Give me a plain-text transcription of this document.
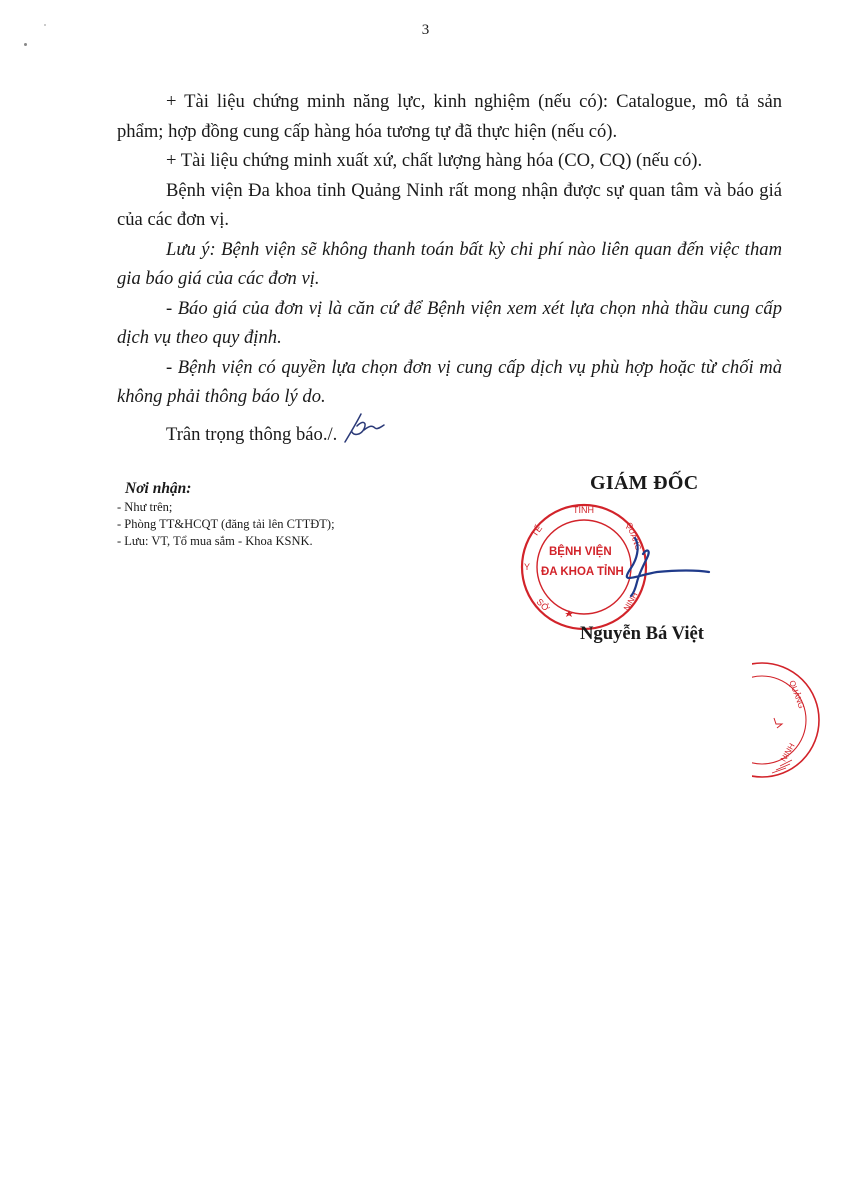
3

+ Tài liệu chứng minh năng lực, kinh nghiệm (nếu có): Catalogue, mô tả sản phẩm; hợp đồng cung cấp hàng hóa tương tự đã thực hiện (nếu có).

+ Tài liệu chứng minh xuất xứ, chất lượng hàng hóa (CO, CQ) (nếu có).

Bệnh viện Đa khoa tỉnh Quảng Ninh rất mong nhận được sự quan tâm và báo giá của các đơn vị.

Lưu ý: Bệnh viện sẽ không thanh toán bất kỳ chi phí nào liên quan đến việc tham gia báo giá của các đơn vị.

- Báo giá của đơn vị là căn cứ để Bệnh viện xem xét lựa chọn nhà thầu cung cấp dịch vụ theo quy định.

- Bệnh viện có quyền lựa chọn đơn vị cung cấp dịch vụ phù hợp hoặc từ chối mà không phải thông báo lý do.

Trân trọng thông báo./.

Nơi nhận:
- Như trên;
- Phòng TT&HCQT (đăng tải lên CTTĐT);
- Lưu: VT, Tổ mua sắm - Khoa KSNK.
GIÁM ĐỐC
TỈNH
TẾ
Y
SỞ
QUẢNG
NINH
BỆNH VIỆN
ĐA KHOA TỈNH
Nguyễn Bá Việt
QUẢNG
NINH
